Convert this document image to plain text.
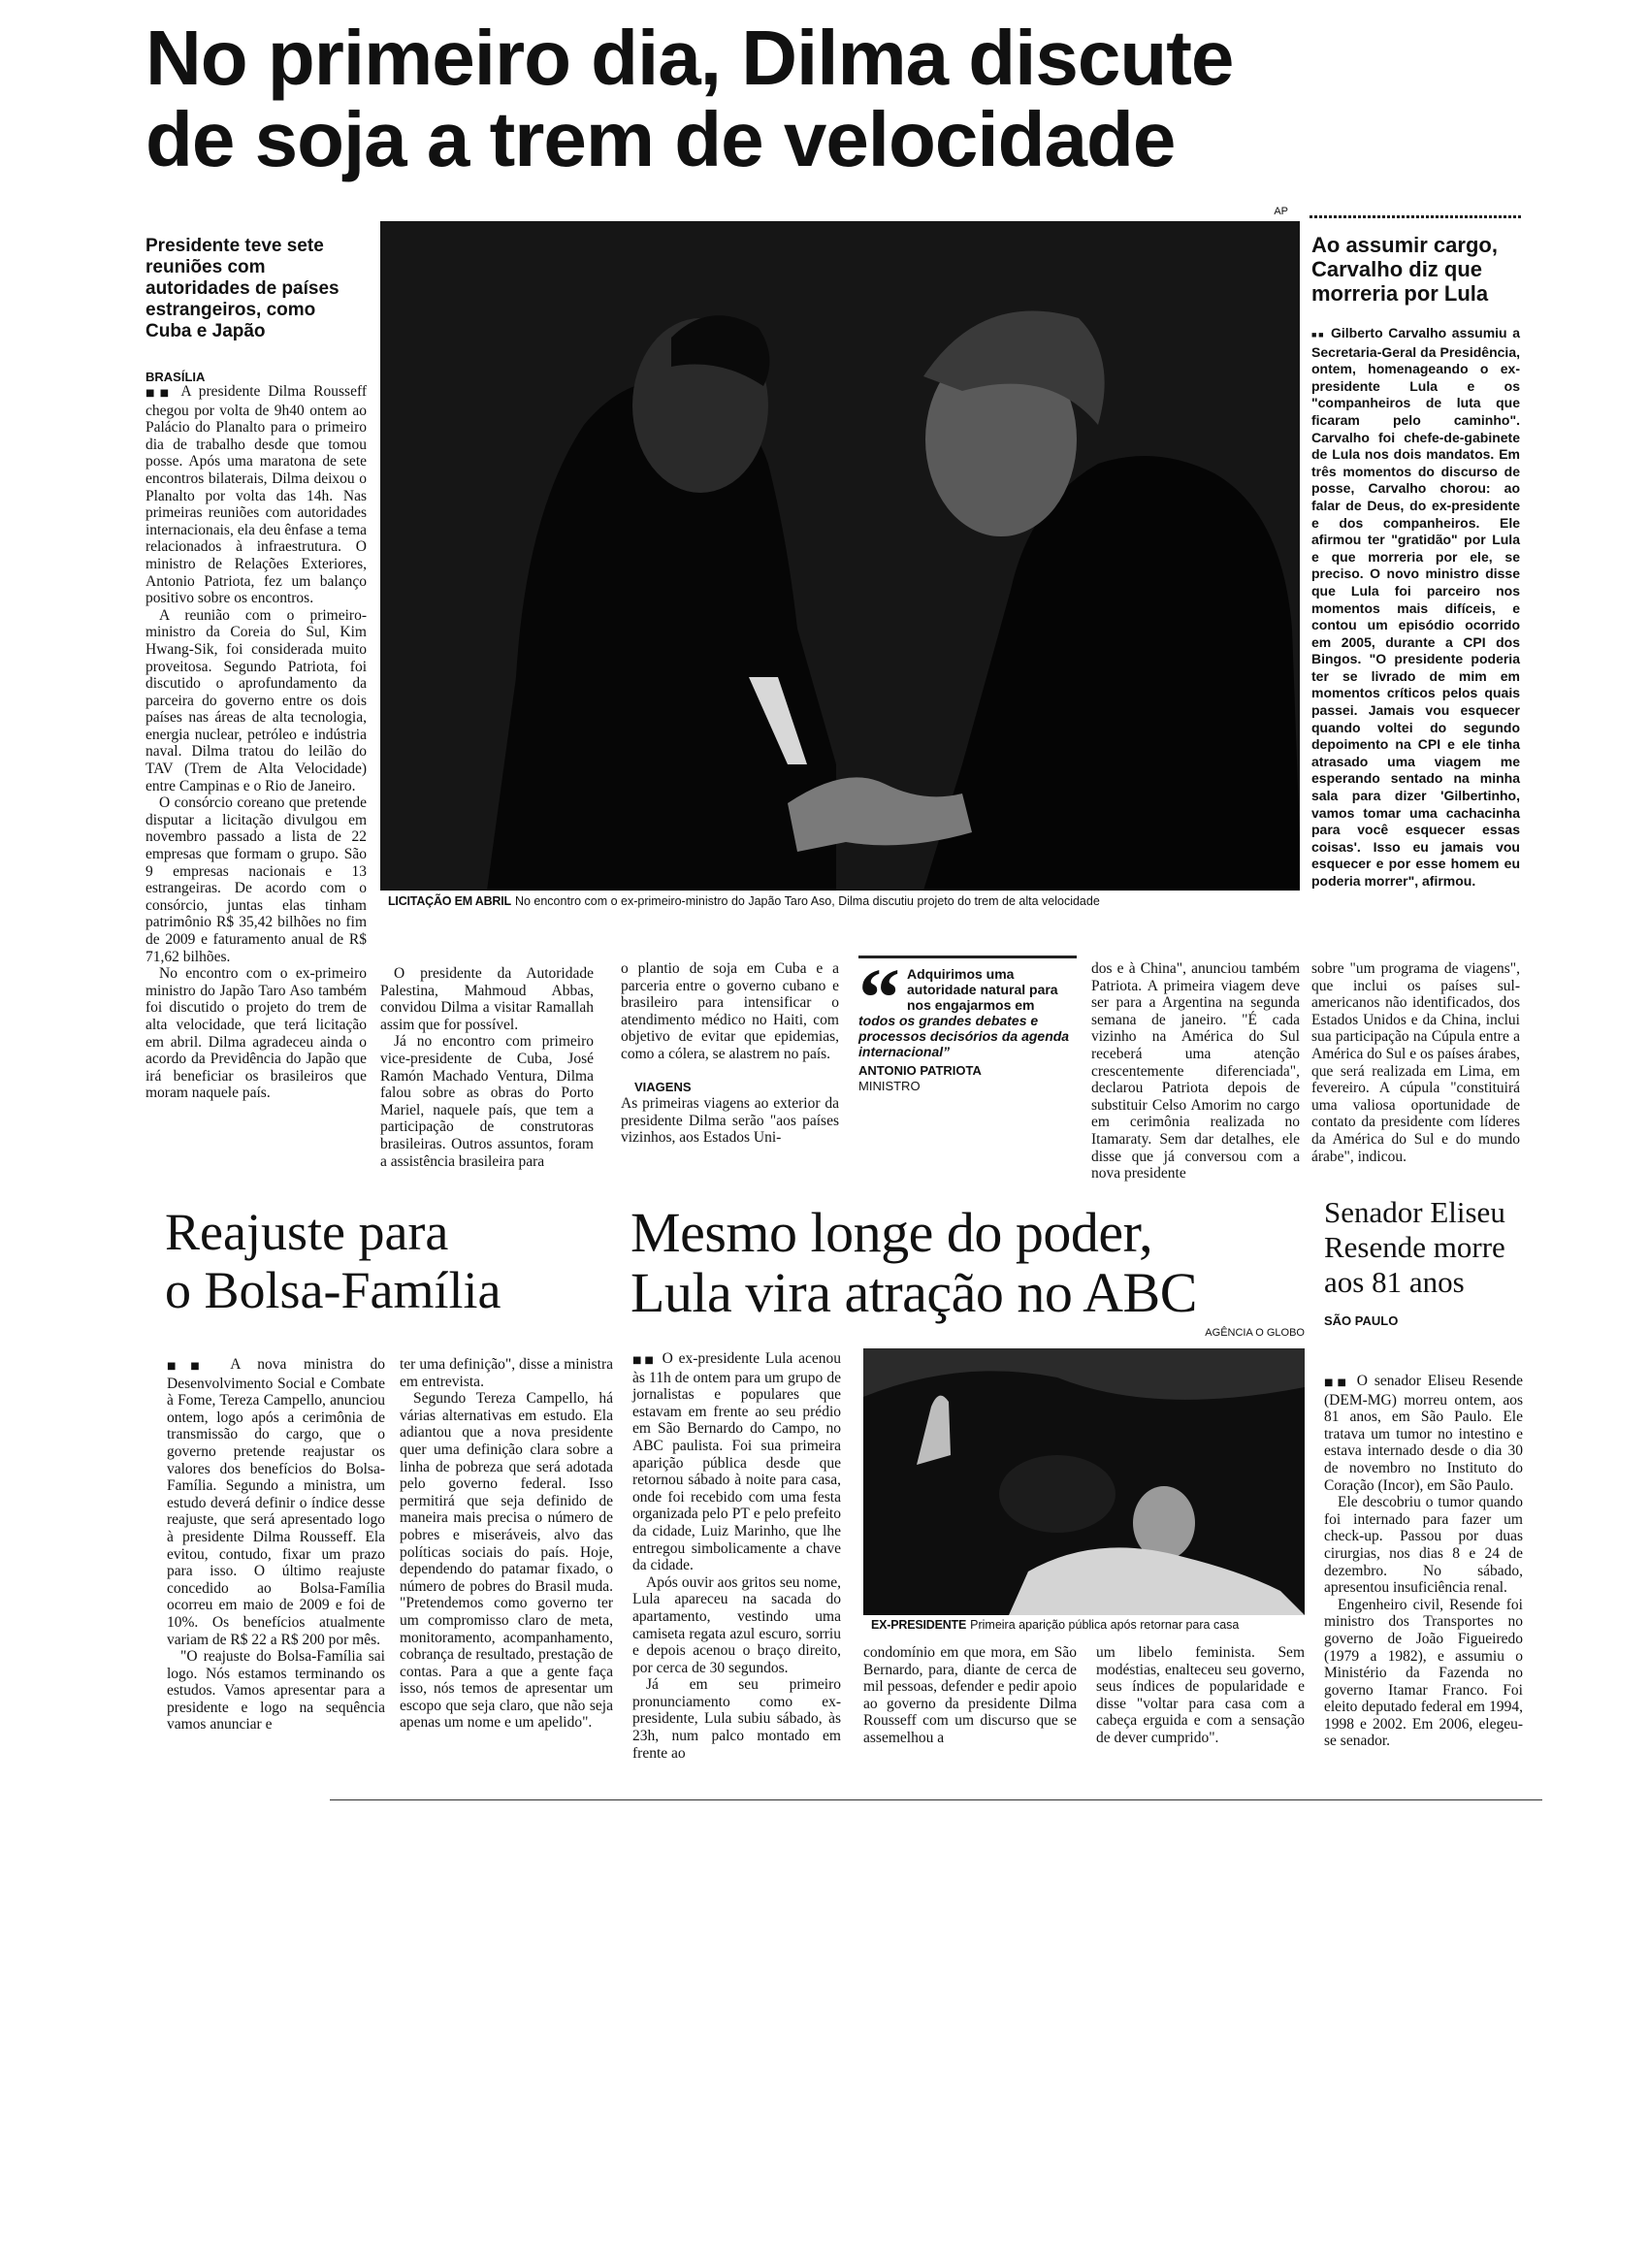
No primeiro dia, Dilma discute
de soja a trem de velocidade

Presidente teve sete reuniões com autoridades de países estrangeiros, como Cuba e Japão

BRASÍLIA

■■ A presidente Dilma Rousseff chegou por volta de 9h40 ontem ao Palácio do Planalto para o primeiro dia de trabalho desde que tomou posse. Após uma maratona de sete encontros bilaterais, Dilma deixou o Planalto por volta das 14h. Nas primeiras reuniões com autoridades internacionais, ela deu ênfase a tema relacionados à infraestrutura. O ministro de Relações Exteriores, Antonio Patriota, fez um balanço positivo sobre os encontros.

A reunião com o primeiro-ministro da Coreia do Sul, Kim Hwang-Sik, foi considerada muito proveitosa. Segundo Patriota, foi discutido o aprofundamento da parceira do governo entre os dois países nas áreas de alta tecnologia, energia nuclear, petróleo e indústria naval. Dilma tratou do leilão do TAV (Trem de Alta Velocidade) entre Campinas e o Rio de Janeiro.

O consórcio coreano que pretende disputar a licitação divulgou em novembro passado a lista de 22 empresas que formam o grupo. São 9 empresas nacionais e 13 estrangeiras. De acordo com o consórcio, juntas elas tinham patrimônio R$ 35,42 bilhões no fim de 2009 e faturamento anual de R$ 71,62 bilhões.

No encontro com o ex-primeiro ministro do Japão Taro Aso também foi discutido o projeto do trem de alta velocidade, que terá licitação em abril. Dilma agradeceu ainda o acordo da Previdência do Japão que irá beneficiar os brasileiros que moram naquele país.

AP

LICITAÇÃO EM ABRIL No encontro com o ex-primeiro-ministro do Japão Taro Aso, Dilma discutiu projeto do trem de alta velocidade

Ao assumir cargo, Carvalho diz que morreria por Lula

■■ Gilberto Carvalho assumiu a Secretaria-Geral da Presidência, ontem, homenageando o ex-presidente Lula e os "companheiros de luta que ficaram pelo caminho". Carvalho foi chefe-de-gabinete de Lula nos dois mandatos. Em três momentos do discurso de posse, Carvalho chorou: ao falar de Deus, do ex-presidente e dos companheiros. Ele afirmou ter "gratidão" por Lula e que morreria por ele, se preciso. O novo ministro disse que Lula foi parceiro nos momentos mais difíceis, e contou um episódio ocorrido em 2005, durante a CPI dos Bingos. "O presidente poderia ter se livrado de mim em momentos críticos pelos quais passei. Jamais vou esquecer quando voltei do segundo depoimento na CPI e ele tinha atrasado uma viagem me esperando sentado na minha sala para dizer 'Gilbertinho, vamos tomar uma cachacinha para você esquecer essas coisas'. Isso eu jamais vou esquecer e por esse homem eu poderia morrer", afirmou.

O presidente da Autoridade Palestina, Mahmoud Abbas, convidou Dilma a visitar Ramallah assim que for possível.

Já no encontro com primeiro vice-presidente de Cuba, José Ramón Machado Ventura, Dilma falou sobre as obras do Porto Mariel, naquele país, que tem a participação de construtoras brasileiras. Outros assuntos, foram a assistência brasileira para

o plantio de soja em Cuba e a parceria entre o governo cubano e brasileiro para intensificar o atendimento médico no Haiti, com objetivo de evitar que epidemias, como a cólera, se alastrem no país.

VIAGENS

As primeiras viagens ao exterior da presidente Dilma serão "aos países vizinhos, aos Estados Uni-

“ Adquirimos uma autoridade natural para nos engajarmos em

todos os grandes debates e processos decisórios da agenda internacional”

ANTONIO PATRIOTA

MINISTRO

dos e à China", anunciou também Patriota. A primeira viagem deve ser para a Argentina na segunda semana de janeiro. "É cada vizinho na América do Sul receberá uma atenção crescentemente diferenciada", declarou Patriota depois de substituir Celso Amorim no cargo em cerimônia realizada no Itamaraty. Sem dar detalhes, ele disse que já conversou com a nova presidente

sobre "um programa de viagens", que inclui os países sul-americanos não identificados, dos Estados Unidos e da China, inclui sua participação na Cúpula entre a América do Sul e os países árabes, que será realizada em Lima, em fevereiro. A cúpula "constituirá uma valiosa oportunidade de contato da presidente com líderes da América do Sul e do mundo árabe", indicou.

Reajuste para
o Bolsa-Família

■■ A nova ministra do Desenvolvimento Social e Combate à Fome, Tereza Campello, anunciou ontem, logo após a cerimônia de transmissão do cargo, que o governo pretende reajustar os valores dos benefícios do Bolsa-Família. Segundo a ministra, um estudo deverá definir o índice desse reajuste, que será apresentado logo à presidente Dilma Rousseff. Ela evitou, contudo, fixar um prazo para isso. O último reajuste concedido ao Bolsa-Família ocorreu em maio de 2009 e foi de 10%. Os benefícios atualmente variam de R$ 22 a R$ 200 por mês.

"O reajuste do Bolsa-Família sai logo. Nós estamos terminando os estudos. Vamos apresentar para a presidente e logo na sequência vamos anunciar e

ter uma definição", disse a ministra em entrevista.

Segundo Tereza Campello, há várias alternativas em estudo. Ela adiantou que a nova presidente quer uma definição clara sobre a linha de pobreza que será adotada pelo governo federal. Isso permitirá que seja definido de maneira mais precisa o número de pobres e miseráveis, alvo das políticas sociais do país. Hoje, dependendo do patamar fixado, o número de pobres do Brasil muda. "Pretendemos como governo ter um compromisso claro de meta, monitoramento, acompanhamento, cobrança de resultado, prestação de contas. Para a que a gente faça isso, nós temos de apresentar um escopo que seja claro, que não seja apenas um nome e um apelido".

Mesmo longe do poder,
Lula vira atração no ABC

■■ O ex-presidente Lula acenou às 11h de ontem para um grupo de jornalistas e populares que estavam em frente ao seu prédio em São Bernardo do Campo, no ABC paulista. Foi sua primeira aparição pública desde que retornou sábado à noite para casa, onde foi recebido com uma festa organizada pelo PT e pelo prefeito da cidade, Luiz Marinho, que lhe entregou simbolicamente a chave da cidade.

Após ouvir aos gritos seu nome, Lula apareceu na sacada do apartamento, vestindo uma camiseta regata azul escuro, sorriu e depois acenou o braço direito, por cerca de 30 segundos.

Já em seu primeiro pronunciamento como ex-presidente, Lula subiu sábado, às 23h, num palco montado em frente ao

AGÊNCIA O GLOBO

EX-PRESIDENTE Primeira aparição pública após retornar para casa

condomínio em que mora, em São Bernardo, para, diante de cerca de mil pessoas, defender e pedir apoio ao governo da presidente Dilma Rousseff com um discurso que se assemelhou a

um libelo feminista. Sem modéstias, enalteceu seu governo, seus índices de popularidade e disse "voltar para casa com a cabeça erguida e com a sensação de dever cumprido".

Senador Eliseu Resende morre aos 81 anos

SÃO PAULO

■■ O senador Eliseu Resende (DEM-MG) morreu ontem, aos 81 anos, em São Paulo. Ele tratava um tumor no intestino e estava internado desde o dia 30 de novembro no Instituto do Coração (Incor), em São Paulo.

Ele descobriu o tumor quando foi internado para fazer um check-up. Passou por duas cirurgias, nos dias 8 e 24 de dezembro. No sábado, apresentou insuficiência renal.

Engenheiro civil, Resende foi ministro dos Transportes no governo de João Figueiredo (1979 a 1982), e assumiu o Ministério da Fazenda no governo Itamar Franco. Foi eleito deputado federal em 1994, 1998 e 2002. Em 2006, elegeu-se senador.
